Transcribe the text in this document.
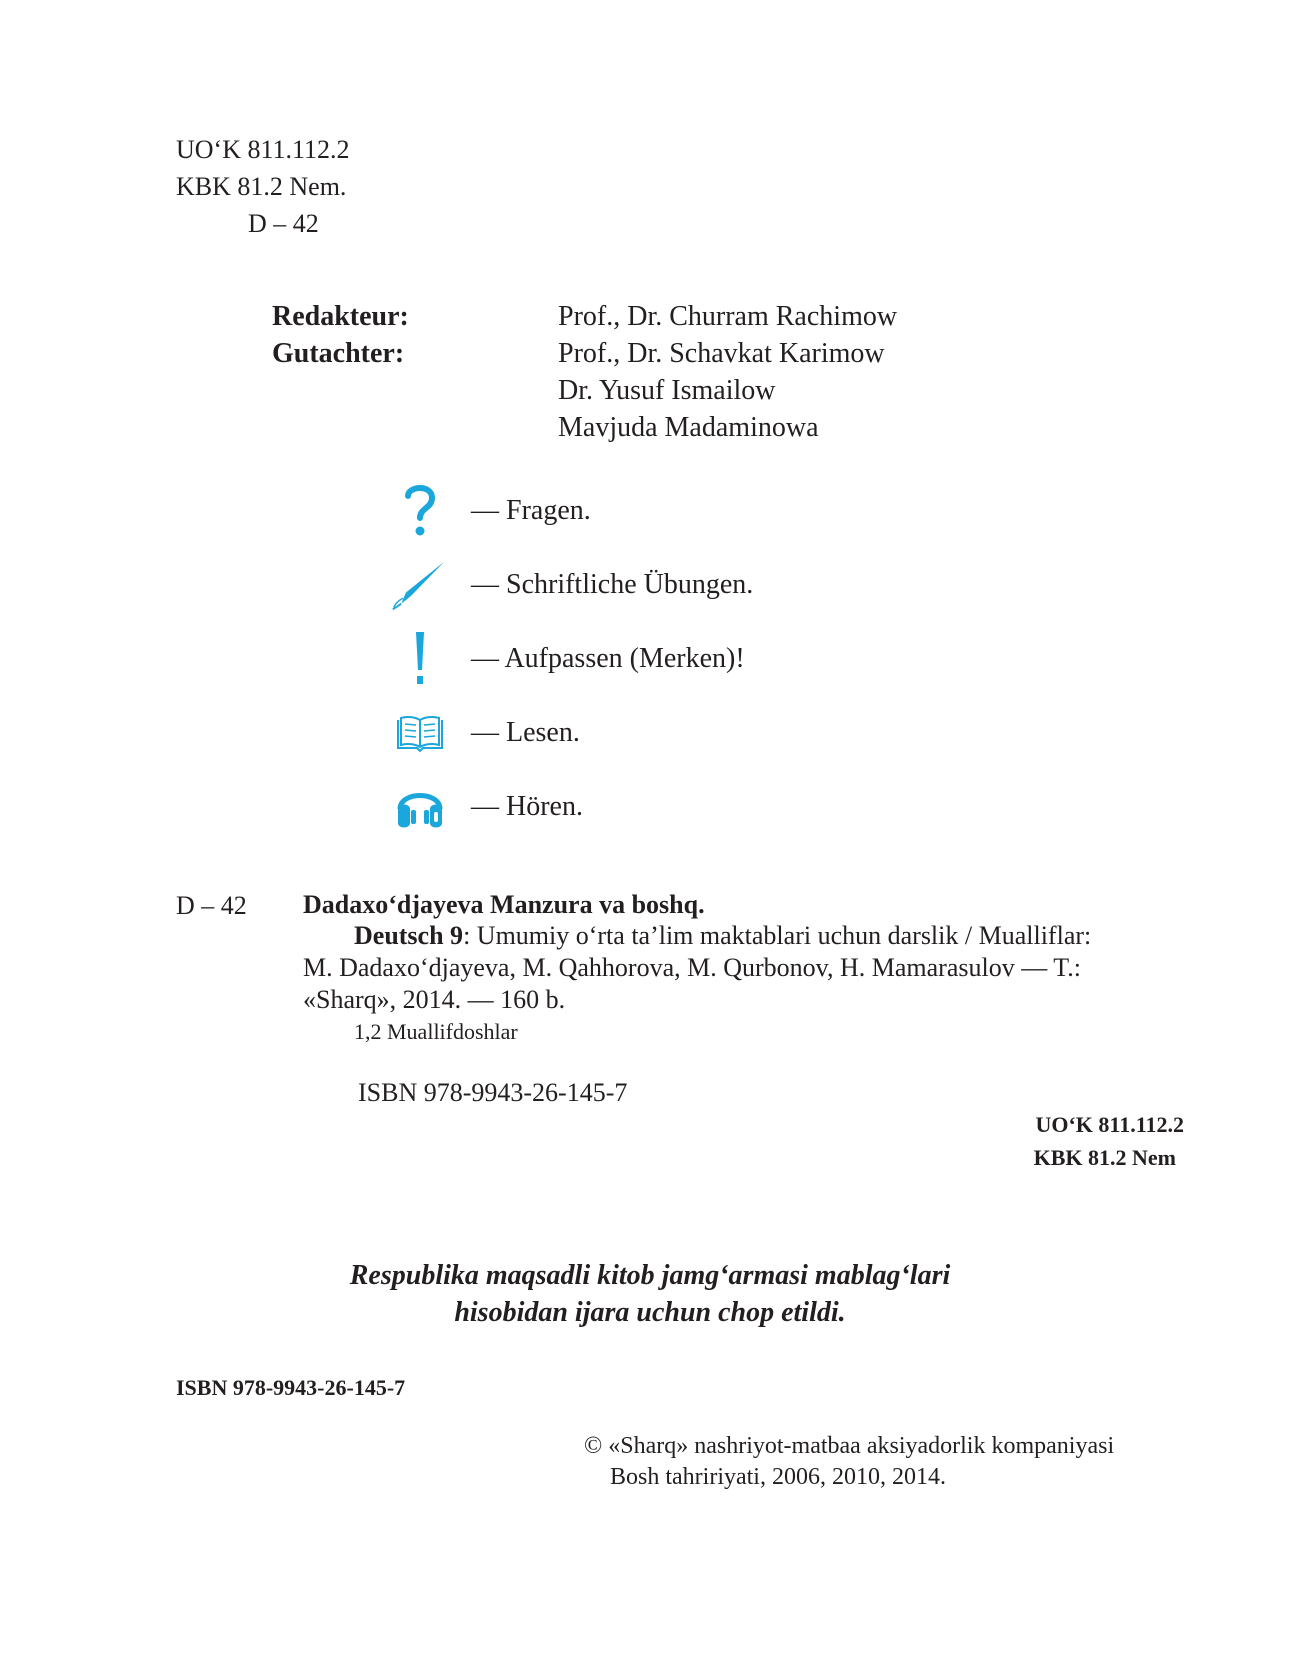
UO‘K 811.112.2
KBK 81.2 Nem.
D – 42
Redakteur:	Prof., Dr. Churram Rachimow
Gutachter:	Prof., Dr. Schavkat Karimow
Dr. Yusuf Ismailow
Mavjuda Madaminowa
— Fragen.
— Schriftliche Übungen.
— Aufpassen (Merken)!
— Lesen.
— Hören.
D – 42 Dadaxo‘djayeva Manzura va boshq.
Deutsch 9: Umumiy o‘rta ta’lim maktablari uchun darslik / Mualliflar:
M. Dadaxo‘djayeva, M. Qahhorova, M. Qurbonov, H. Mamarasulov — T.:
«Sharq», 2014. — 160 b.
1,2 Muallifdoshlar
ISBN 978-9943-26-145-7
UO‘K 811.112.2
KBK 81.2 Nem
Respublika maqsadli kitob jamg‘armasi mablag‘lari
hisobidan ijara uchun chop etildi.
ISBN 978-9943-26-145-7
© «Sharq» nashriyot-matbaa aksiyadorlik kompaniyasi
Bosh tahririyati, 2006, 2010, 2014.
